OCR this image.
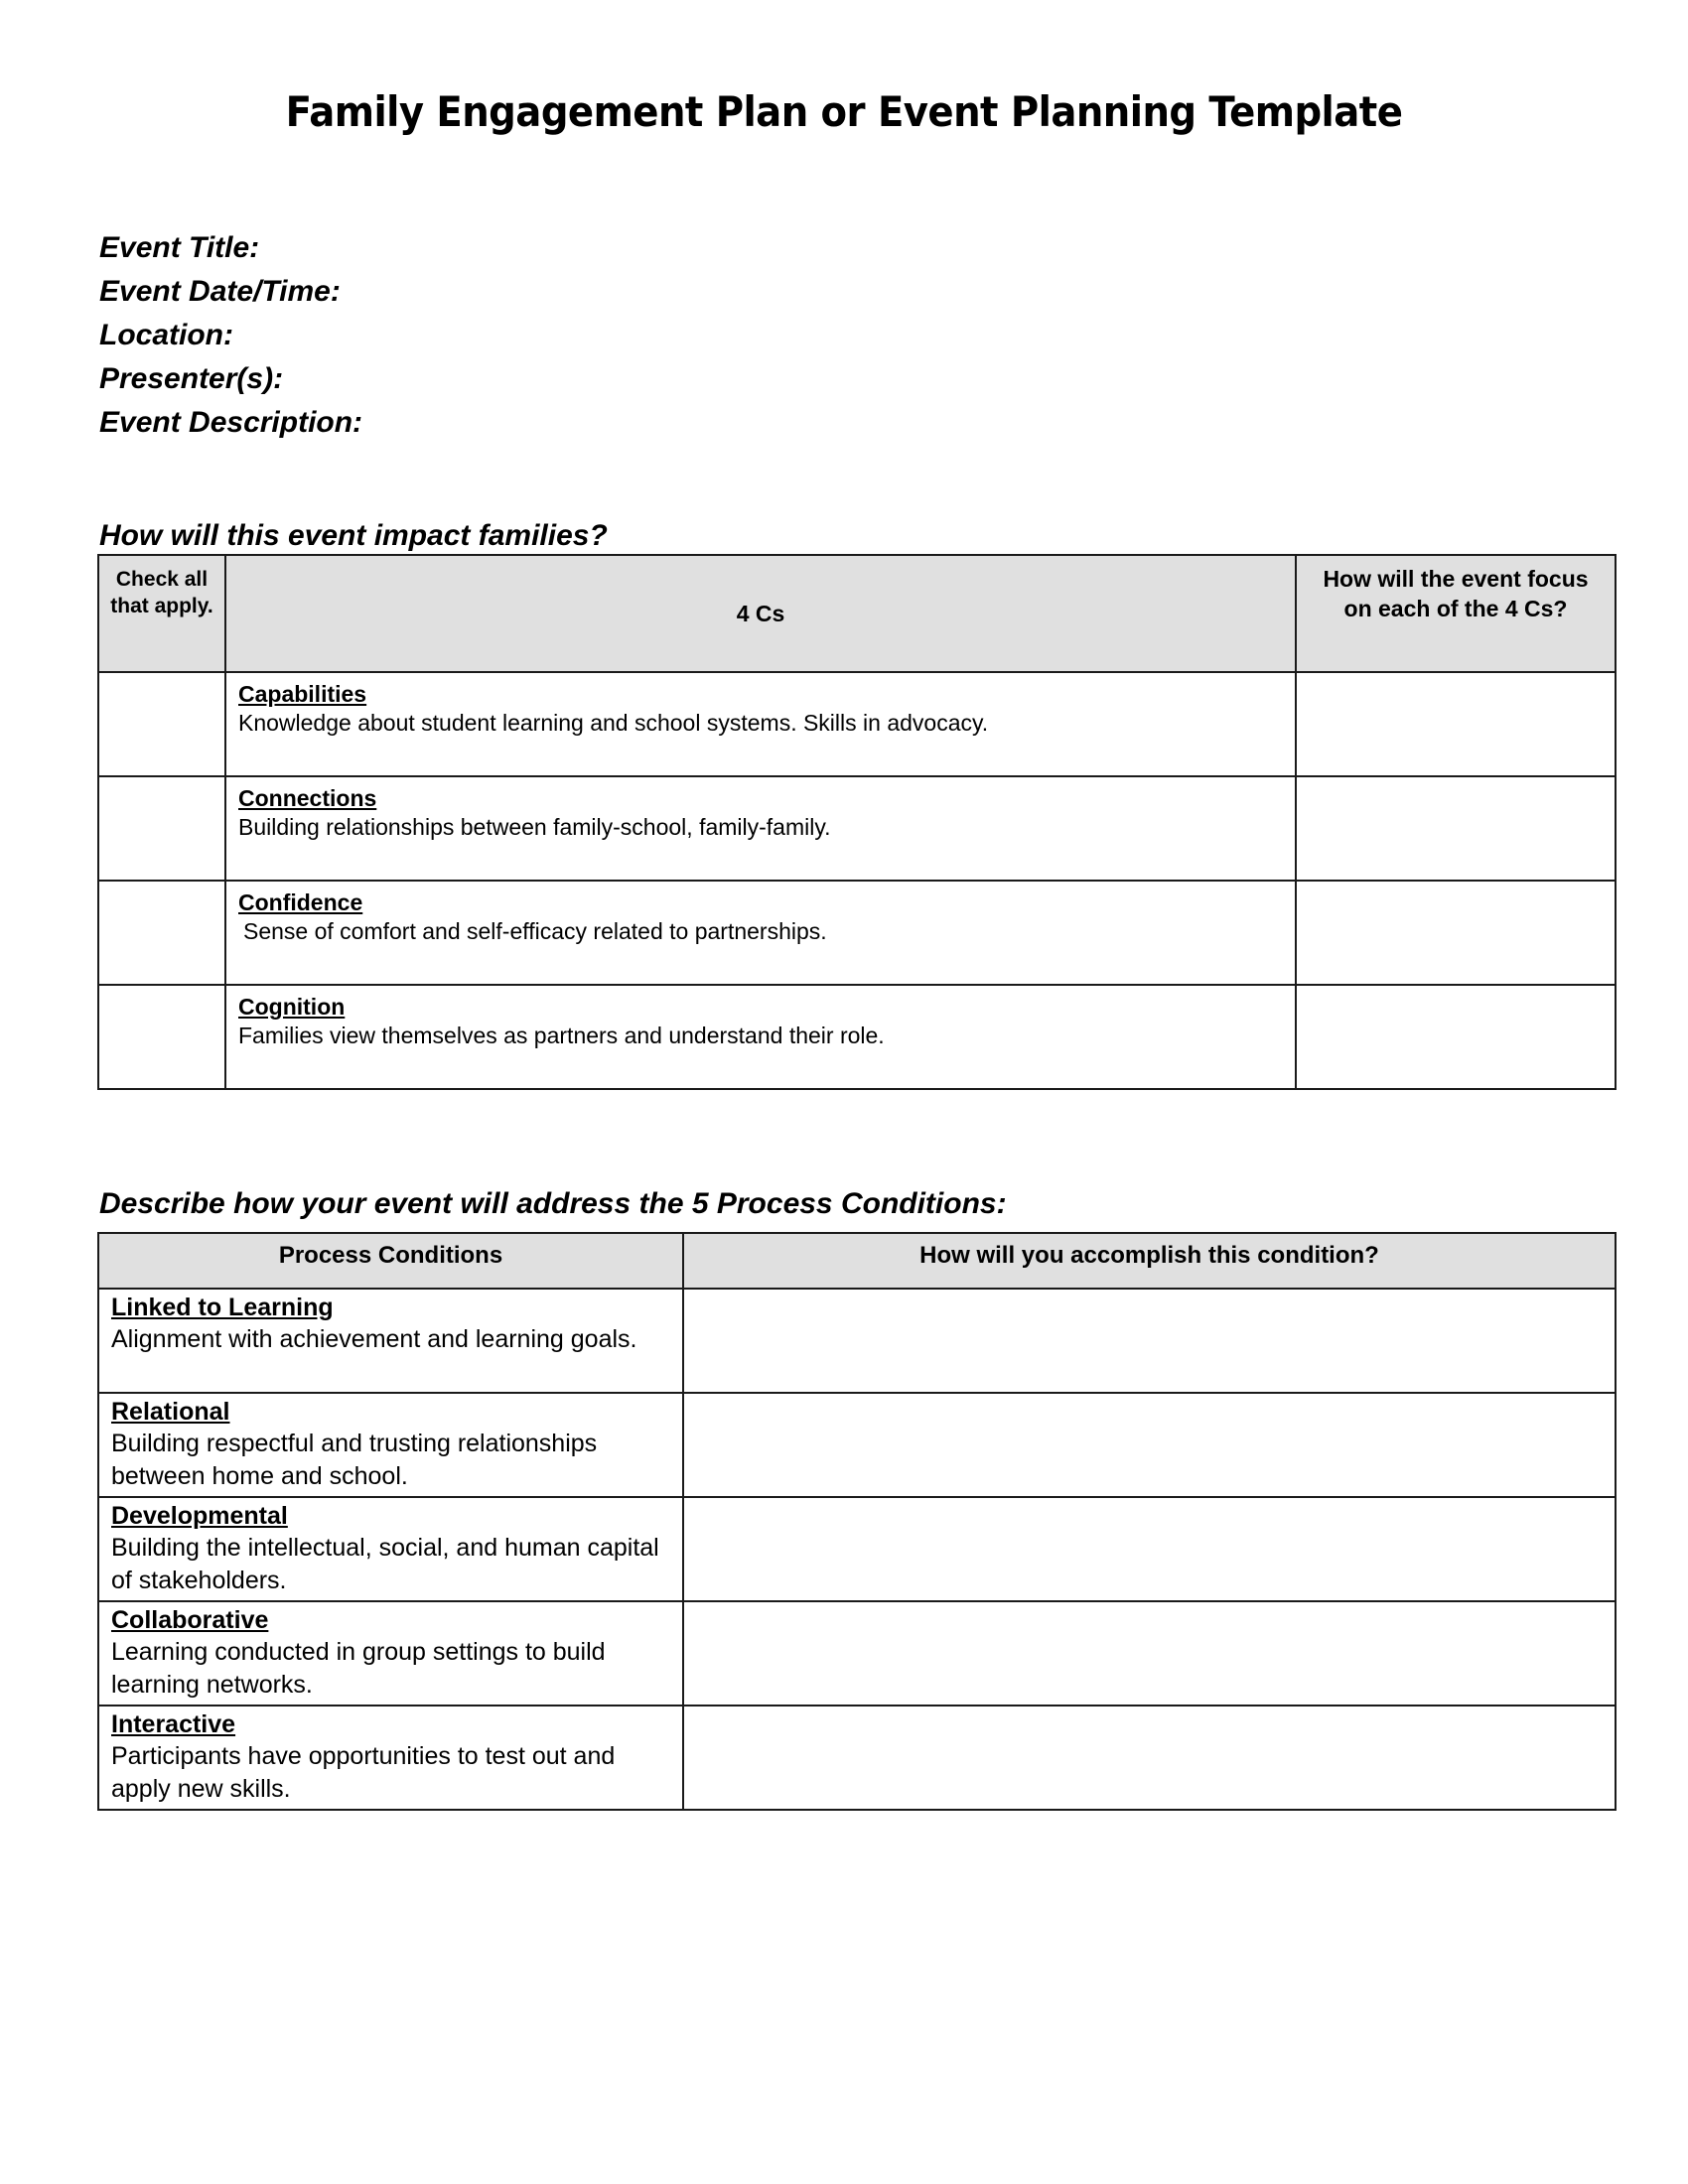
Family Engagement Plan or Event Planning Template
Event Title:
Event Date/Time:
Location:
Presenter(s):
Event Description:
How will this event impact families?
Check all that apply.	4 Cs	How will the event focus on each of the 4 Cs?
	Capabilities
Knowledge about student learning and school systems. Skills in advocacy.	

	Connections
Building relationships between family-school, family-family.	

	Confidence
Sense of comfort and self-efficacy related to partnerships.	

	Cognition
Families view themselves as partners and understand their role.	

Describe how your event will address the 5 Process Conditions:
Process Conditions	How will you accomplish this condition?
Linked to Learning
Alignment with achievement and learning goals.	

Relational
Building respectful and trusting relationships between home and school.	

Developmental
Building the intellectual, social, and human capital of stakeholders.	

Collaborative
Learning conducted in group settings to build learning networks.	

Interactive
Participants have opportunities to test out and apply new skills.	
